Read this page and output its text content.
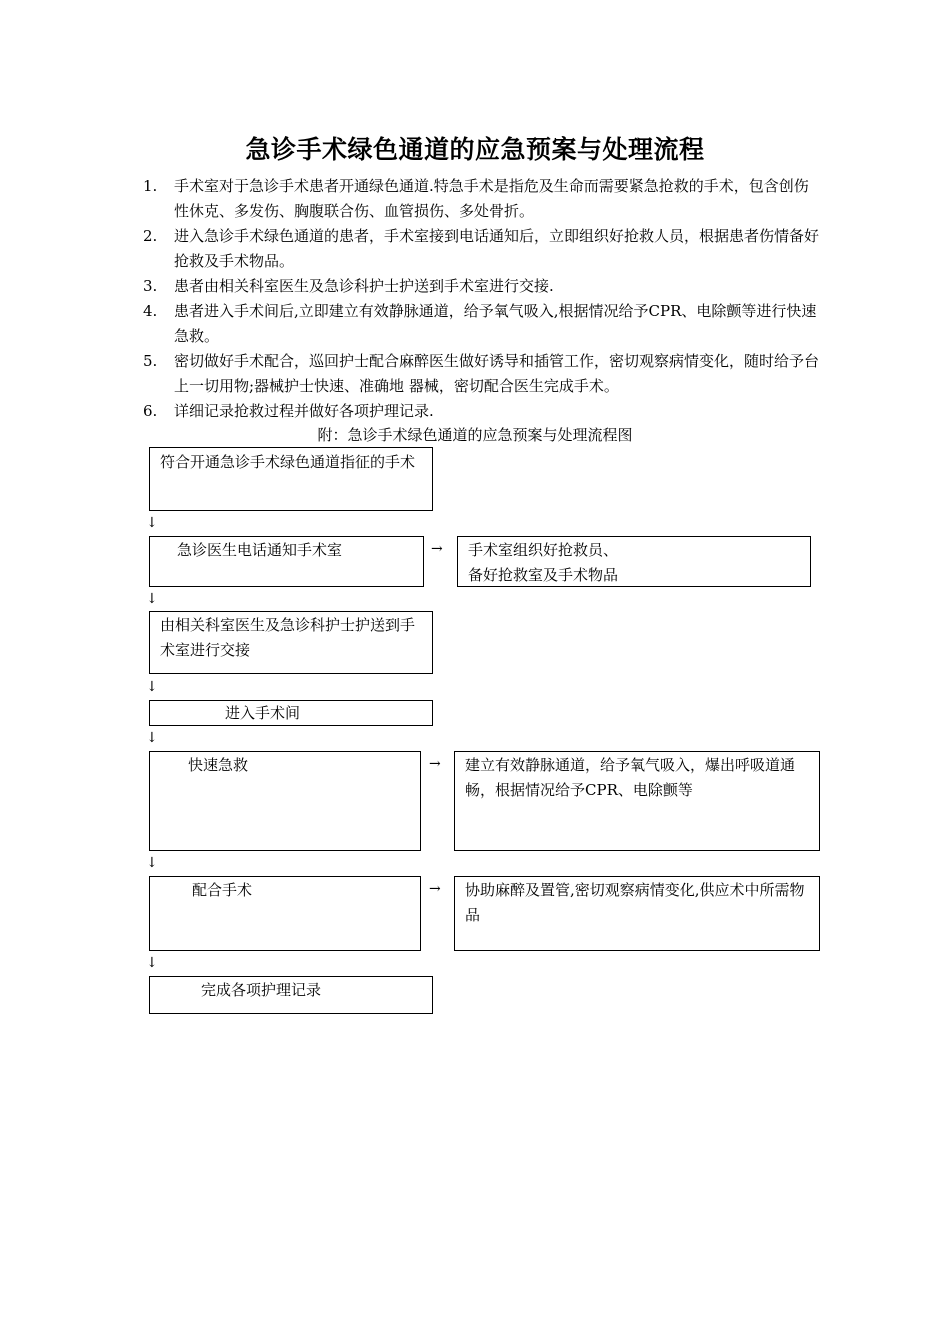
急诊手术绿色通道的应急预案与处理流程
1. 手术室对于急诊手术患者开通绿色通道.特急手术是指危及生命而需要紧急抢救的手术，包含创伤性休克、多发伤、胸腹联合伤、血管损伤、多处骨折。
2. 进入急诊手术绿色通道的患者，手术室接到电话通知后，立即组织好抢救人员，根据患者伤情备好抢救及手术物品。
3. 患者由相关科室医生及急诊科护士护送到手术室进行交接.
4. 患者进入手术间后,立即建立有效静脉通道，给予氧气吸入,根据情况给予CPR、电除颤等进行快速急救。
5. 密切做好手术配合，巡回护士配合麻醉医生做好诱导和插管工作，密切观察病情变化，随时给予台上一切用物;器械护士快速、准确地 器械，密切配合医生完成手术。
6. 详细记录抢救过程并做好各项护理记录.
附：急诊手术绿色通道的应急预案与处理流程图
符合开通急诊手术绿色通道指征的手术
↓
急诊医生电话通知手术室	→ 手术室组织好抢救员、
备好抢救室及手术物品
↓
由相关科室医生及急诊科护士护送到手术室进行交接
↓
进入手术间
↓
快速急救	→ 建立有效静脉通道，给予氧气吸入，爆出呼吸道通畅，根据情况给予CPR、电除颤等
↓
配合手术	→ 协助麻醉及置管,密切观察病情变化,供应术中所需物品
↓
完成各项护理记录
